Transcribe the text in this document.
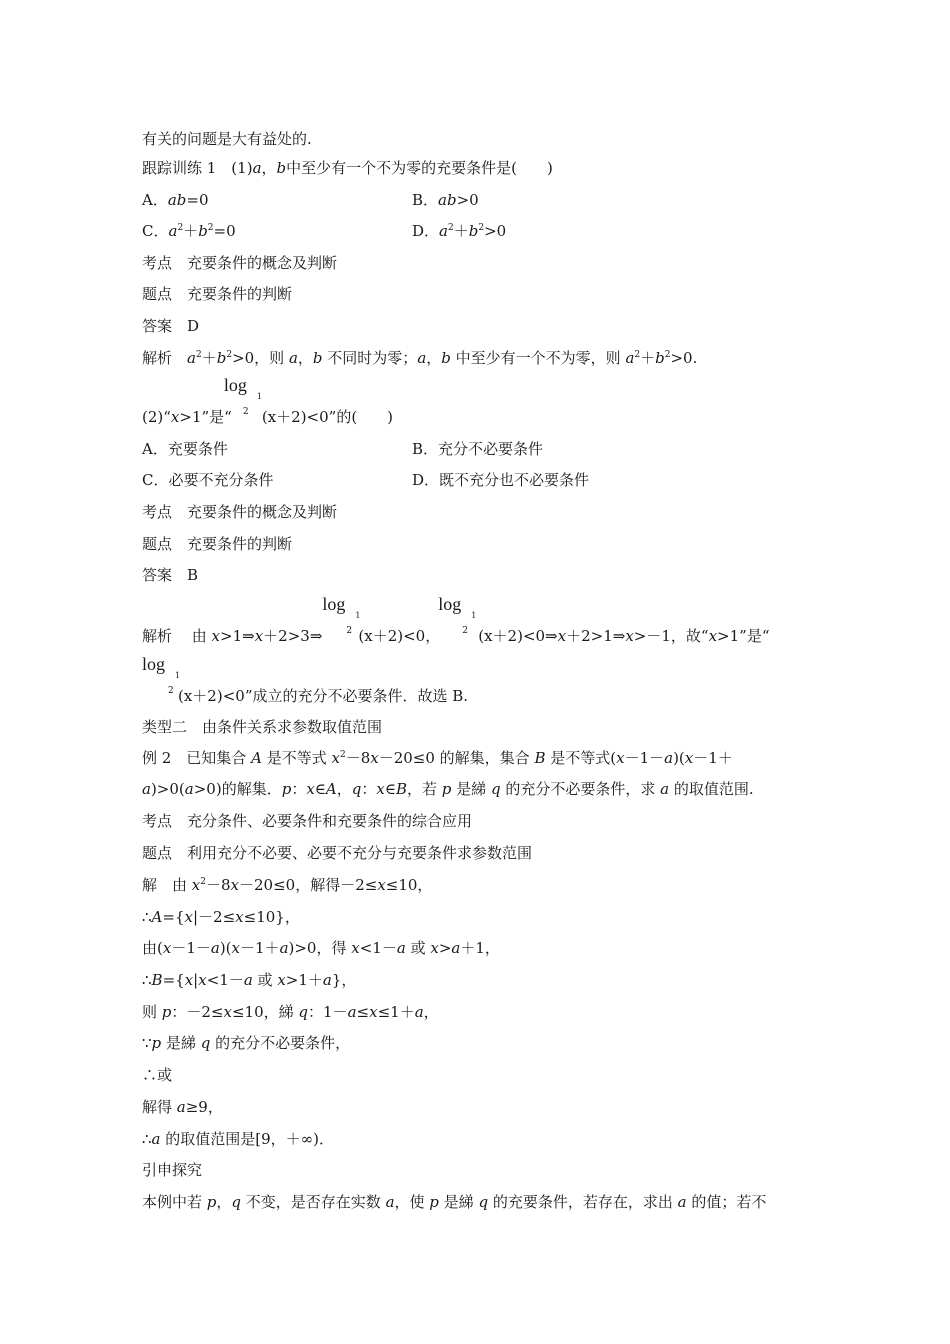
有关的问题是大有益处的.
跟踪训练 1　(1)a，b中至少有一个不为零的充要条件是(　　)
A．ab=0	B．ab>0
C．$a^2+b^2=0$	D．$a^2+b^2>0$
考点　充要条件的概念及判断
题点　充要条件的判断
答案　D
解析　$a^2+b^2>0$，则 a，b 不同时为零；a，b 中至少有一个不为零，则 $a^2+b^2>0$.
(2)“x>1”是“
log
1
2 (x＋2)<0”的(　　)
A．充要条件	B．充分不必要条件
C．必要不充分条件	D．既不充分也不必要条件
考点　充要条件的概念及判断
题点　充要条件的判断
答案　B
解析　 由 x>1⇒x＋2>3⇒
log
1
2 (x＋2)<0，
log
1
2 (x＋2)<0⇒x＋2>1⇒x>－1，故“x>1”是“
log
1
2 (x＋2)<0”成立的充分不必要条件．故选 B.
类型二　由条件关系求参数取值范围
例 2　已知集合 A 是不等式 $x^2-8x-20\le 0$ 的解集，集合 B 是不等式(x－1－a)(x－1＋
a)>0(a>0)的解集．p：x∈A，q：x∈B，若 p 是綈 q 的充分不必要条件，求 a 的取值范围.
考点　充分条件、必要条件和充要条件的综合应用
题点　利用充分不必要、必要不充分与充要条件求参数范围
解　由 $x^2-8x-20\le 0$，解得－2≤x≤10，
∴A={x|－2≤x≤10}，
由(x－1－a)(x－1＋a)>0，得 x<1－a 或 x>a＋1，
∴B={x|x<1－a 或 x>1＋a}，
则 p：－2≤x≤10，綈 q：1－a≤x≤1＋a，
∵p 是綈 q 的充分不必要条件，
∴或
解得 a≥9，
∴a 的取值范围是[9，＋∞)．
引申探究
本例中若 p，q 不变，是否存在实数 a，使 p 是綈 q 的充要条件，若存在，求出 a 的值；若不
